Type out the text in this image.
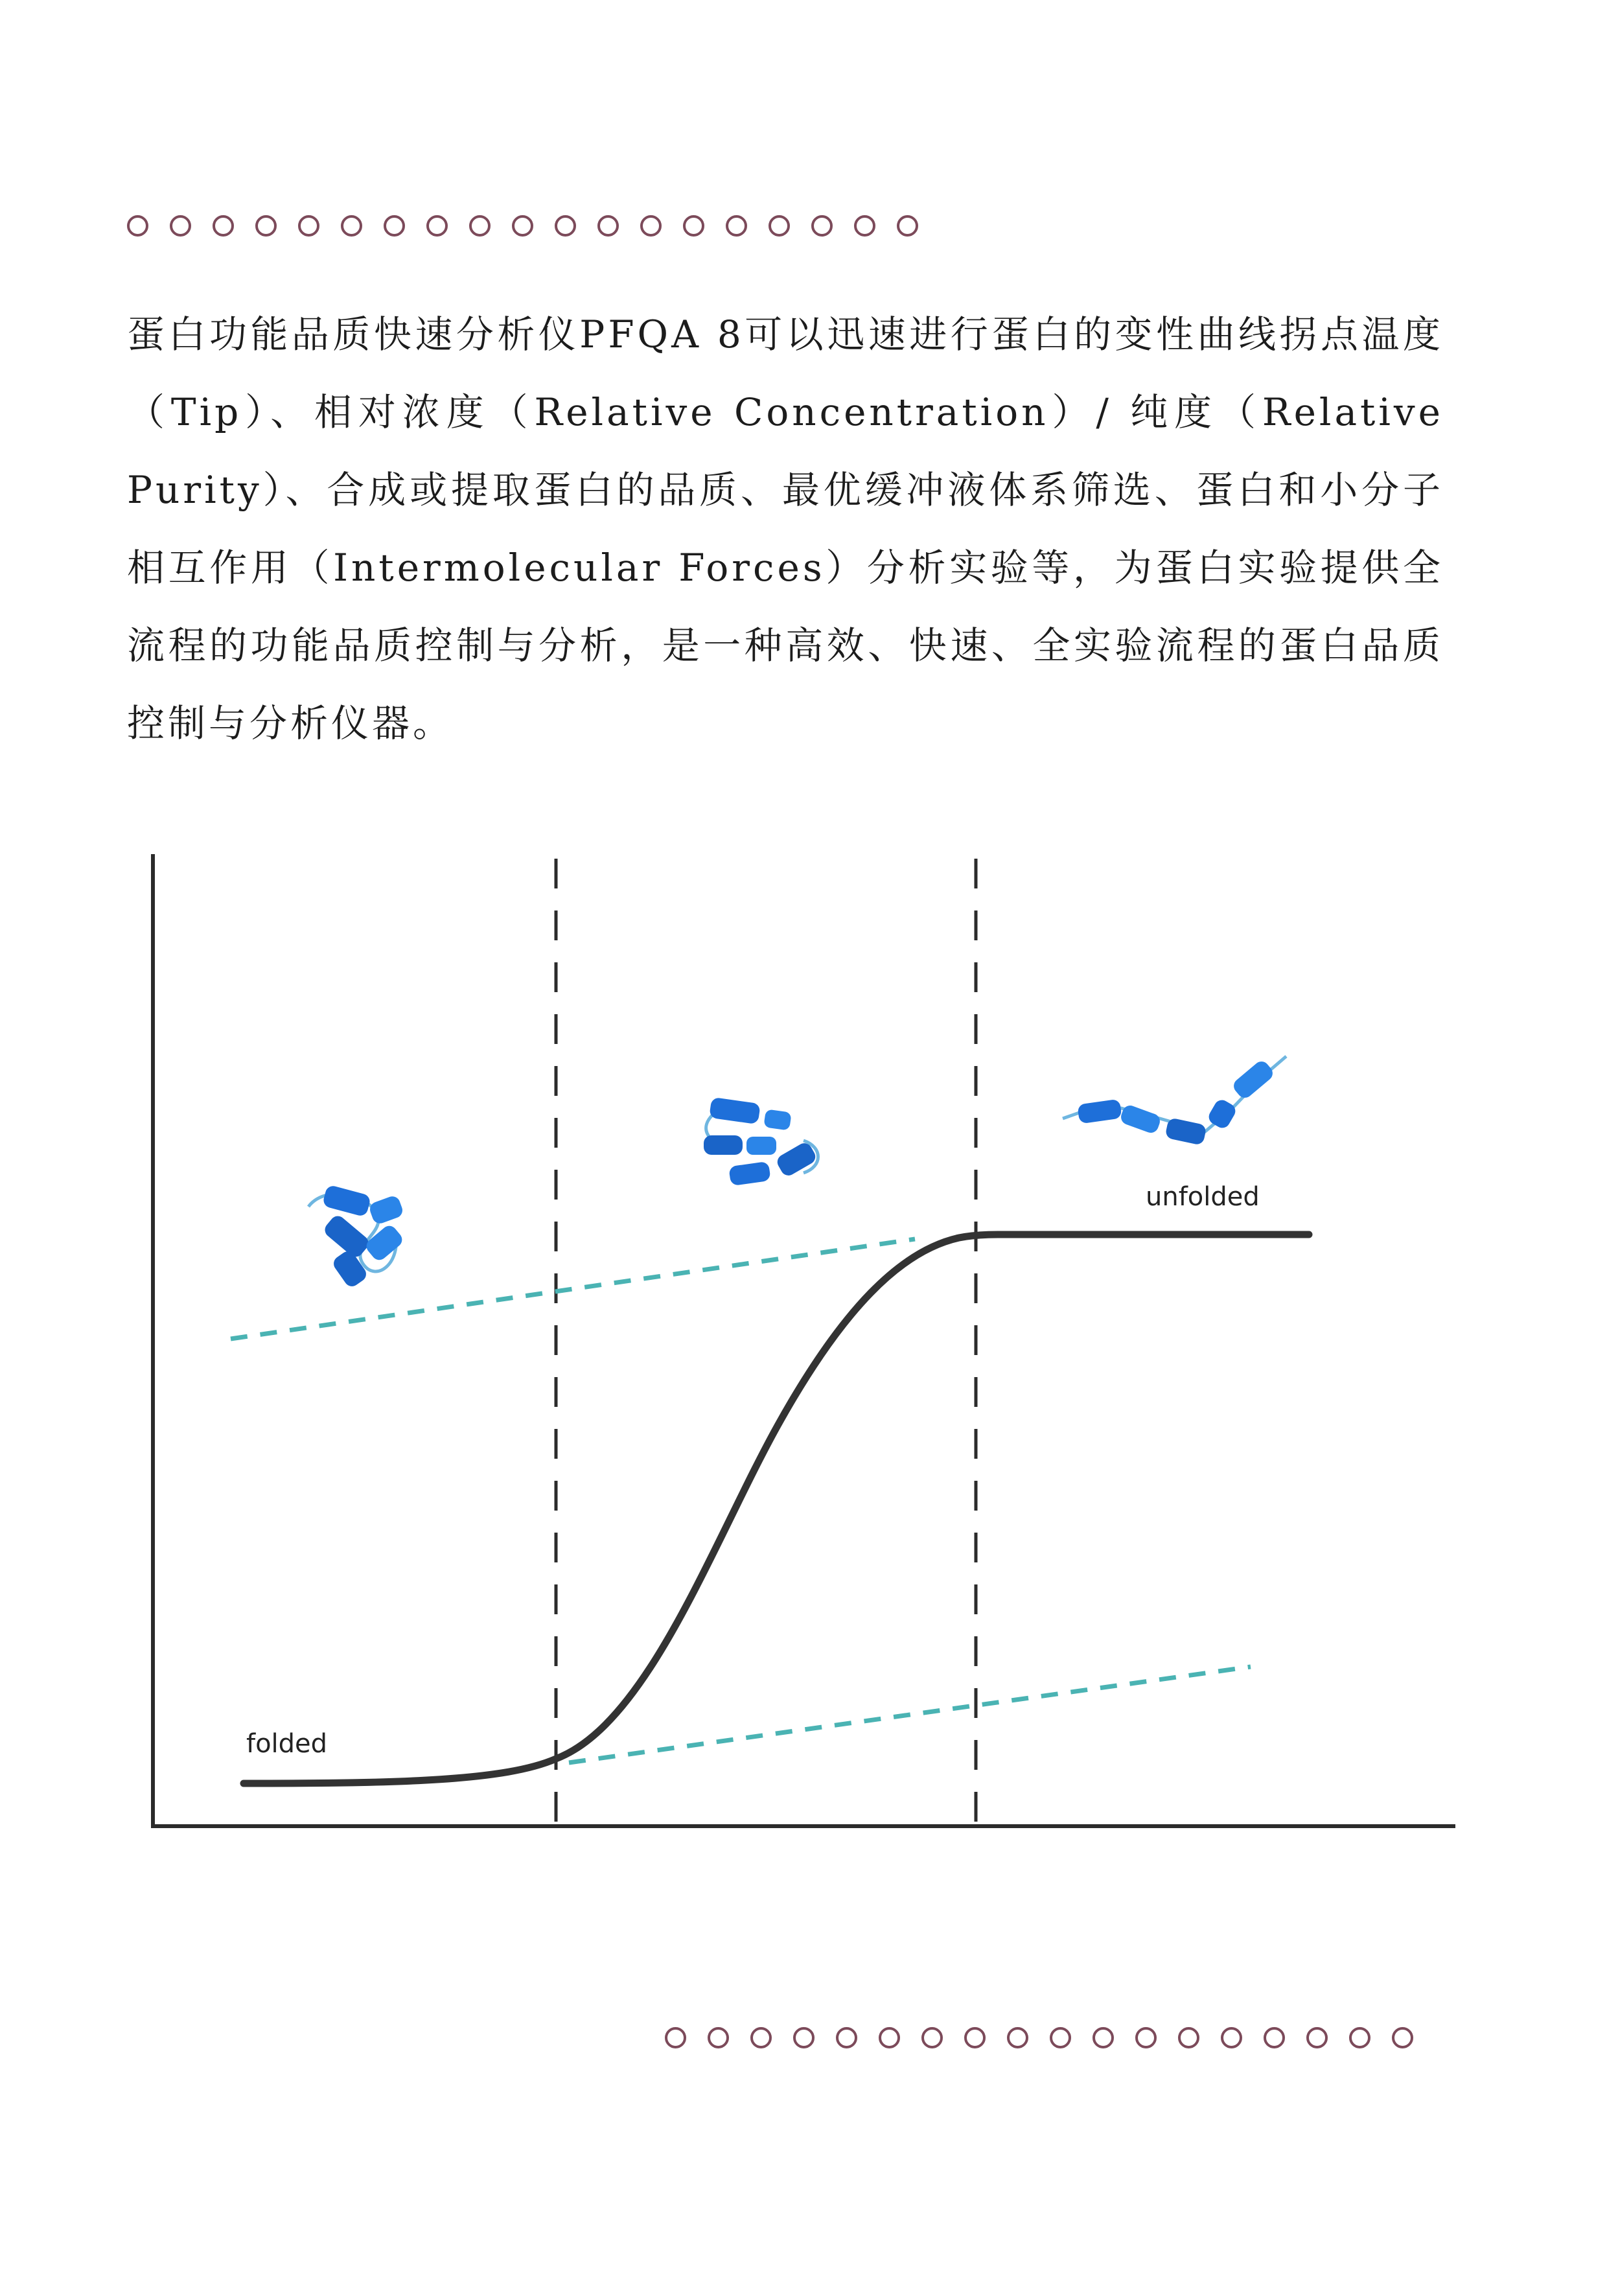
蛋白功能品质快速分析仪PFQA 8可以迅速进行蛋白的变性曲线拐点温度（Tip）、相对浓度（Relative Concentration）/ 纯度（Relative Purity）、合成或提取蛋白的品质、最优缓冲液体系筛选、蛋白和小分子相互作用（Intermolecular Forces）分析实验等，为蛋白实验提供全流程的功能品质控制与分析，是一种高效、快速、全实验流程的蛋白品质控制与分析仪器。

folded
unfolded
